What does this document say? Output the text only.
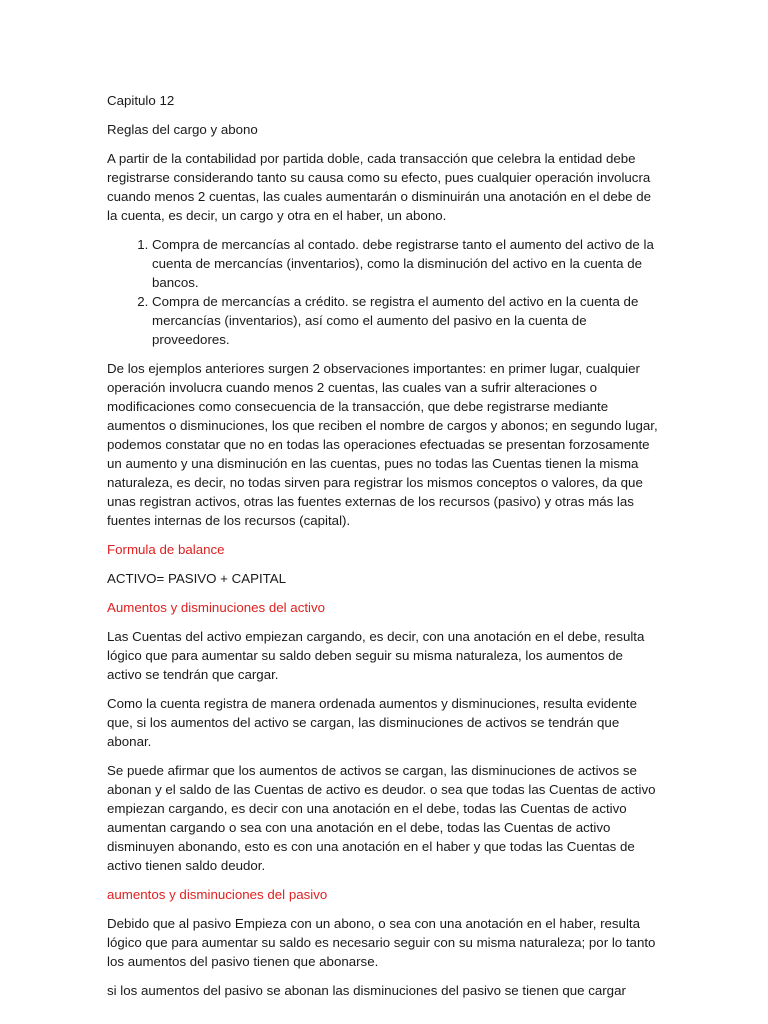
Capitulo 12

Reglas del cargo y abono

A partir de la contabilidad por partida doble, cada transacción que celebra la entidad debe registrarse considerando tanto su causa como su efecto, pues cualquier operación involucra cuando menos 2 cuentas, las cuales aumentarán o disminuirán una anotación en el debe de la cuenta, es decir, un cargo y otra en el haber, un abono.

1. Compra de mercancías al contado. debe registrarse tanto el aumento del activo de la cuenta de mercancías (inventarios), como la disminución del activo en la cuenta de bancos.
2. Compra de mercancías a crédito. se registra el aumento del activo en la cuenta de mercancías (inventarios), así como el aumento del pasivo en la cuenta de proveedores.

De los ejemplos anteriores surgen 2 observaciones importantes: en primer lugar, cualquier operación involucra cuando menos 2 cuentas, las cuales van a sufrir alteraciones o modificaciones como consecuencia de la transacción, que debe registrarse mediante aumentos o disminuciones, los que reciben el nombre de cargos y abonos; en segundo lugar, podemos constatar que no en todas las operaciones efectuadas se presentan forzosamente un aumento y una disminución en las cuentas, pues no todas las Cuentas tienen la misma naturaleza, es decir, no todas sirven para registrar los mismos conceptos o valores, da que unas registran activos, otras las fuentes externas de los recursos (pasivo) y otras más las fuentes internas de los recursos (capital).

Formula de balance

ACTIVO= PASIVO + CAPITAL

Aumentos y disminuciones del activo

Las Cuentas del activo empiezan cargando, es decir, con una anotación en el debe, resulta lógico que para aumentar su saldo deben seguir su misma naturaleza, los aumentos de activo se tendrán que cargar.

Como la cuenta registra de manera ordenada aumentos y disminuciones, resulta evidente que, si los aumentos del activo se cargan, las disminuciones de activos se tendrán que abonar.

Se puede afirmar que los aumentos de activos se cargan, las disminuciones de activos se abonan y el saldo de las Cuentas de activo es deudor. o sea que todas las Cuentas de activo empiezan cargando, es decir con una anotación en el debe, todas las Cuentas de activo aumentan cargando o sea con una anotación en el debe, todas las Cuentas de activo disminuyen abonando, esto es con una anotación en el haber y que todas las Cuentas de activo tienen saldo deudor.

aumentos y disminuciones del pasivo

Debido que al pasivo Empieza con un abono, o sea con una anotación en el haber, resulta lógico que para aumentar su saldo es necesario seguir con su misma naturaleza; por lo tanto los aumentos del pasivo tienen que abonarse.

si los aumentos del pasivo se abonan las disminuciones del pasivo se tienen que cargar
